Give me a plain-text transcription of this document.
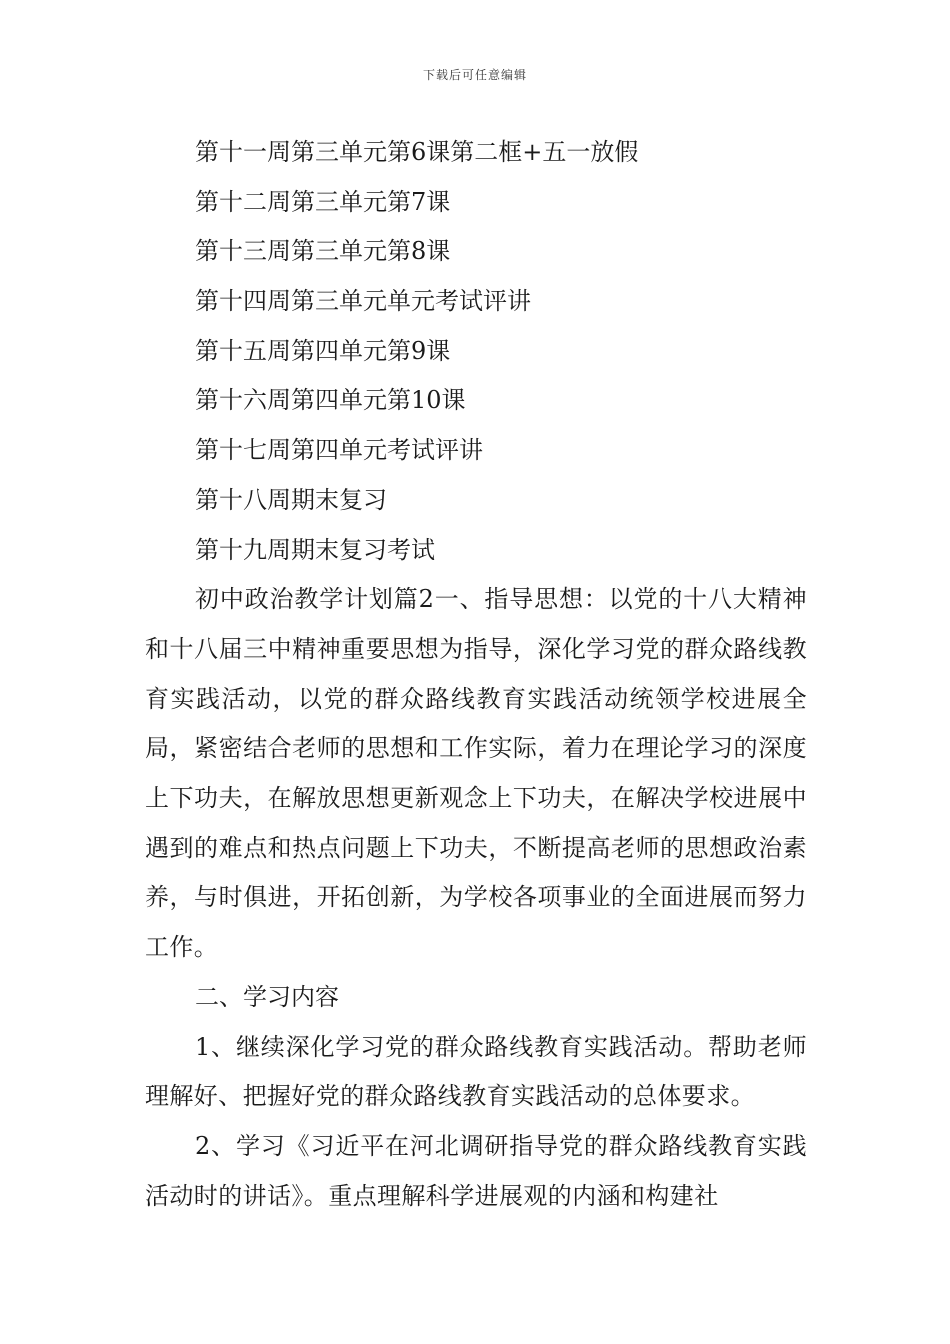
下载后可任意编辑
第十一周第三单元第6课第二框+五一放假
第十二周第三单元第7课
第十三周第三单元第8课
第十四周第三单元单元考试评讲
第十五周第四单元第9课
第十六周第四单元第10课
第十七周第四单元考试评讲
第十八周期末复习
第十九周期末复习考试
初中政治教学计划篇2一、指导思想：以党的十八大精神和十八届三中精神重要思想为指导，深化学习党的群众路线教育实践活动，以党的群众路线教育实践活动统领学校进展全局，紧密结合老师的思想和工作实际，着力在理论学习的深度上下功夫，在解放思想更新观念上下功夫，在解决学校进展中遇到的难点和热点问题上下功夫，不断提高老师的思想政治素养，与时俱进，开拓创新，为学校各项事业的全面进展而努力工作。
二、学习内容
1、继续深化学习党的群众路线教育实践活动。帮助老师理解好、把握好党的群众路线教育实践活动的总体要求。
2、学习《习近平在河北调研指导党的群众路线教育实践活动时的讲话》。重点理解科学进展观的内涵和构建社
